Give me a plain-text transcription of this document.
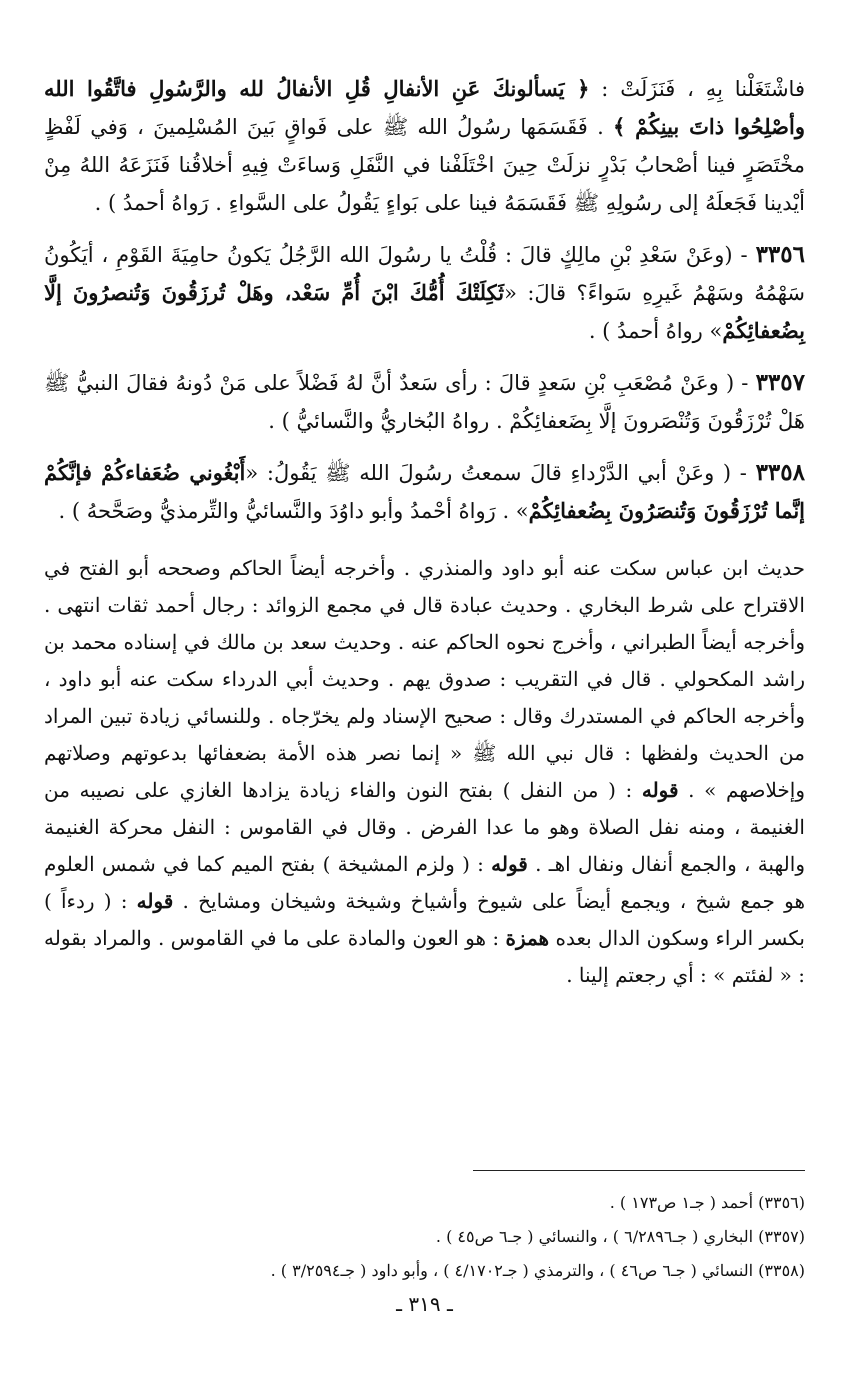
فاشْتَغَلْنا بِهِ ، فَنَزَلَتْ : ﴿ يَسألونكَ عَنِ الأنفالِ قُلِ الأنفالُ لله والرَّسُولِ فاتَّقُوا الله وأصْلِحُوا ذاتَ بينِكُمْ ﴾ . فَقَسَمَها رسُولُ الله ﷺ على فَواقٍ بَينَ المُسْلِمينَ ، وَفي لَفْظٍ مخْتَصَرٍ فينا أصْحابُ بَدْرٍ نزلَتْ حِينَ اخْتَلَفْنا في النَّفَلِ وَساءَتْ فِيهِ أخلاقُنا فَنَزَعَهُ اللهُ مِنْ أيْدينا فَجَعلَهُ إلى رسُولِهِ ﷺ فَقَسَمَهُ فينا على بَواءٍ يَقُولُ على السَّواءِ . رَواهُ أحمدُ ) .

٣٣٥٦ - (وعَنْ سَعْدِ بْنِ مالِكٍ قالَ : قُلْتُ يا رسُولَ الله الرَّجُلُ يَكونُ حامِيَةَ القَوْمِ ، أيَكُونُ سَهْمُهُ وسَهْمُ غَيرِهِ سَواءً؟ قالَ: «ثَكِلَتْكَ أُمُّكَ ابْنَ أُمِّ سَعْد، وهَلْ تُرزَقُونَ وَتُنصرُونَ إلَّا بِضُعفائِكُمْ» رواهُ أحمدُ ) .

٣٣٥٧ - ( وعَنْ مُصْعَبِ بْنِ سَعدٍ قالَ : رأى سَعدٌ أنَّ لهُ فَضْلاً على مَنْ دُونهُ فقالَ النبيُّ ﷺ هَلْ تُرْزَقُونَ وَتُنْصَرونَ إلَّا بِضَعفائِكُمْ . رواهُ البُخاريُّ والنَّسائيُّ ) .

٣٣٥٨ - ( وعَنْ أبي الدَّرْداءِ قالَ سمعتُ رسُولَ الله ﷺ يَقُولُ: «أَبْغُوني ضُعَفاءكُمْ فإنَّكُمْ إنَّما تُرْزَقُونَ وَتُنصَرُونَ بِضُعفائِكُمْ» . رَواهُ أحْمدُ وأبو داوُدَ والنَّسائيُّ والتِّرمذيُّ وصَحَّحهُ ) .

حديث ابن عباس سكت عنه أبو داود والمنذري . وأخرجه أيضاً الحاكم وصححه أبو الفتح في الاقتراح على شرط البخاري . وحديث عبادة قال في مجمع الزوائد : رجال أحمد ثقات انتهى . وأخرجه أيضاً الطبراني ، وأخرج نحوه الحاكم عنه . وحديث سعد بن مالك في إسناده محمد بن راشد المكحولي . قال في التقريب : صدوق يهم . وحديث أبي الدرداء سكت عنه أبو داود ، وأخرجه الحاكم في المستدرك وقال : صحيح الإسناد ولم يخرّجاه . وللنسائي زيادة تبين المراد من الحديث ولفظها : قال نبي الله ﷺ « إنما نصر هذه الأمة بضعفائها بدعوتهم وصلاتهم وإخلاصهم » . قوله : ( من النفل ) بفتح النون والفاء زيادة يزادها الغازي على نصيبه من الغنيمة ، ومنه نفل الصلاة وهو ما عدا الفرض . وقال في القاموس : النفل محركة الغنيمة والهبة ، والجمع أنفال ونفال اهـ . قوله : ( ولزم المشيخة ) بفتح الميم كما في شمس العلوم هو جمع شيخ ، ويجمع أيضاً على شيوخ وأشياخ وشيخة وشيخان ومشايخ . قوله : ( ردءاً ) بكسر الراء وسكون الدال بعده همزة : هو العون والمادة على ما في القاموس . والمراد بقوله : « لفئتم » : أي رجعتم إلينا .

(٣٣٥٦) أحمد ( جـ١ ص١٧٣ ) .
(٣٣٥٧) البخاري ( جـ٦/٢٨٩٦ ) ، والنسائي ( جـ٦ ص٤٥ ) .
(٣٣٥٨) النسائي ( جـ٦ ص٤٦ ) ، والترمذي ( جـ٤/١٧٠٢ ) ، وأبو داود ( جـ٣/٢٥٩٤ ) .
ـ ٣١٩ ـ
